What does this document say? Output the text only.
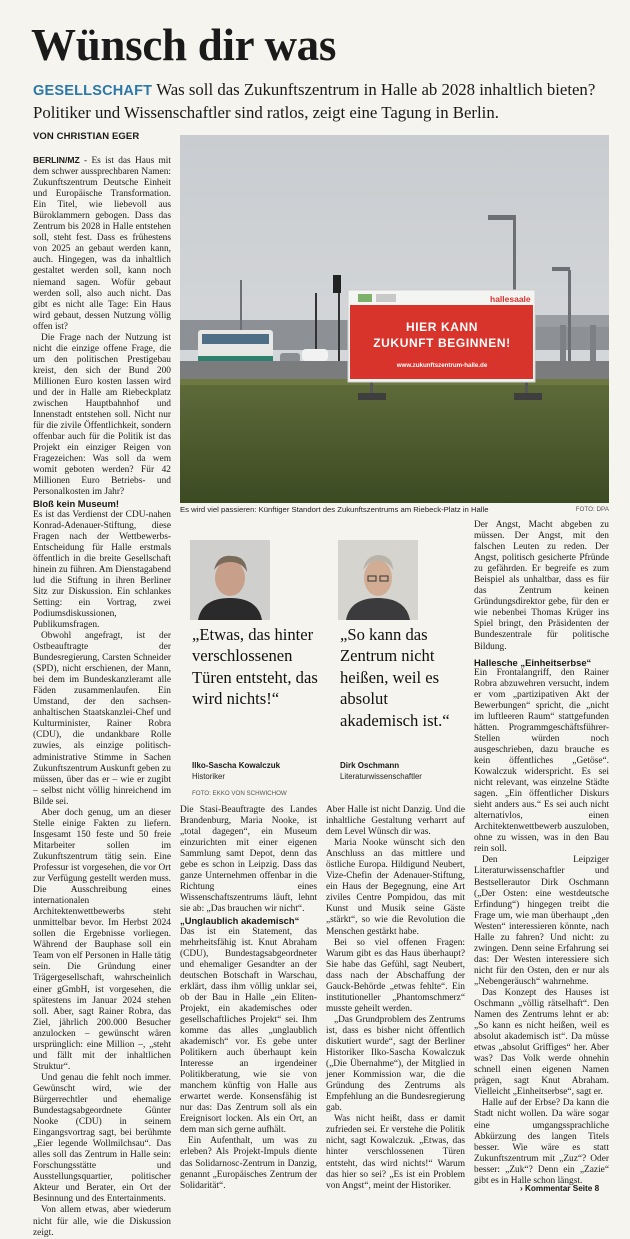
Wünsch dir was
GESELLSCHAFT Was soll das Zukunftszentrum in Halle ab 2028 inhaltlich bieten? Politiker und Wissenschaftler sind ratlos, zeigt eine Tagung in Berlin.
VON CHRISTIAN EGER

BERLIN/MZ - Es ist das Haus mit dem schwer aussprechbaren Namen: Zukunftszentrum Deutsche Einheit und Europäische Transformation. Ein Titel, wie liebevoll aus Büroklammern gebogen. Dass das Zentrum bis 2028 in Halle entstehen soll, steht fest. Dass es frühestens von 2025 an gebaut werden kann, auch. Hingegen, was da inhaltlich gestaltet werden soll, kann noch niemand sagen. Wofür gebaut werden soll, also auch nicht. Das gibt es nicht alle Tage: Ein Haus wird gebaut, dessen Nutzung völlig offen ist?

Die Frage nach der Nutzung ist nicht die einzige offene Frage, die um den politischen Prestigebau kreist, den sich der Bund 200 Millionen Euro kosten lassen wird und der in Halle am Riebeckplatz zwischen Hauptbahnhof und Innenstadt entstehen soll. Nicht nur für die zivile Öffentlichkeit, sondern offenbar auch für die Politik ist das Projekt ein einziger Reigen von Fragezeichen: Was soll da wem womit geboten werden? Für 42 Millionen Euro Betriebs- und Personalkosten im Jahr?

Bloß kein Museum!

Es ist das Verdienst der CDU-nahen Konrad-Adenauer-Stiftung, diese Fragen nach der Wettbewerbs-Entscheidung für Halle erstmals öffentlich in die breite Gesellschaft hinein zu führen. Am Dienstagabend lud die Stiftung in ihren Berliner Sitz zur Diskussion. Ein schlankes Setting: ein Vortrag, zwei Podiumsdiskussionen, Publikumsfragen.

Obwohl angefragt, ist der Ostbeauftragte der Bundesregierung, Carsten Schneider (SPD), nicht erschienen, der Mann, bei dem im Bundeskanzleramt alle Fäden zusammenlaufen. Ein Umstand, der den sachsen-anhaltischen Staatskanzlei-Chef und Kulturminister, Rainer Robra (CDU), die undankbare Rolle zuwies, als einzige politisch-administrative Stimme in Sachen Zukunftszentrum Auskunft geben zu müssen, über das er – wie er zugibt – selbst nicht völlig hinreichend im Bilde sei.

Aber doch genug, um an dieser Stelle einige Fakten zu liefern. Insgesamt 150 feste und 50 freie Mitarbeiter sollen im Zukunftszentrum tätig sein. Eine Professur ist vorgesehen, die vor Ort zur Verfügung gestellt werden muss. Die Ausschreibung eines internationalen Architektenwettbewerbs steht unmittelbar bevor. Im Herbst 2024 sollen die Ergebnisse vorliegen. Während der Bauphase soll ein Team von elf Personen in Halle tätig sein. Die Gründung einer Trägergesellschaft, wahrscheinlich einer gGmbH, ist vorgesehen, die spätestens im Januar 2024 stehen soll. Aber, sagt Rainer Robra, das Ziel, jährlich 200.000 Besucher anzulocken – gewünscht wären ursprünglich: eine Million –, „steht und fällt mit der inhaltlichen Struktur“.

Und genau die fehlt noch immer. Gewünscht wird, wie der Bürgerrechtler und ehemalige Bundestagsabgeordnete Günter Nooke (CDU) in seinem Eingangsvortrag sagt, bei berühmte „Eier legende Wollmilchsau“. Das alles soll das Zentrum in Halle sein: Forschungsstätte und Ausstellungsquartier, politischer Akteur und Berater, ein Ort der Besinnung und des Entertainments.

Von allem etwas, aber wiederum nicht für alle, wie die Diskussion zeigt.

hallesaale
HIER KANN
ZUKUNFT BEGINNEN!
www.zukunftszentrum-halle.de
Es wird viel passieren: Künftiger Standort des Zukunftszentrums am Riebeck-Platz in Halle	FOTO: DPA
„Etwas, das hinter verschlossenen Türen entsteht, das wird nichts!“
Ilko-Sascha Kowalczuk
Historiker
FOTO: EKKO VON SCHWICHOW
„So kann das Zentrum nicht heißen, weil es absolut akademisch ist.“
Dirk Oschmann
Literaturwissenschaftler

Die Stasi-Beauftragte des Landes Brandenburg, Maria Nooke, ist „total dagegen“, ein Museum einzurichten mit einer eigenen Sammlung samt Depot, denn das gebe es schon in Leipzig. Dass das ganze Unternehmen offenbar in die Richtung eines Wissenschaftszentrums läuft, lehnt sie ab: „Das brauchen wir nicht“.

„Unglaublich akademisch“

Das ist ein Statement, das mehrheitsfähig ist. Knut Abraham (CDU), Bundestagsabgeordneter und ehemaliger Gesandter an der deutschen Botschaft in Warschau, erklärt, dass ihm völlig unklar sei, ob der Bau in Halle „ein Eliten-Projekt, ein akademisches oder gesellschaftliches Projekt“ sei. Ihm komme das alles „unglaublich akademisch“ vor. Es gebe unter Politikern auch überhaupt kein Interesse an irgendeiner Politikberatung, wie sie von manchem künftig von Halle aus erwartet werde. Konsensfähig ist nur das: Das Zentrum soll als ein Ereignisort locken. Als ein Ort, an dem man sich gerne aufhält.

Ein Aufenthalt, um was zu erleben? Als Projekt-Impuls diente das Solidarnosc-Zentrum in Danzig, genannt „Europäisches Zentrum der Solidarität“.

Aber Halle ist nicht Danzig. Und die inhaltliche Gestaltung verharrt auf dem Level Wünsch dir was.

Maria Nooke wünscht sich den Anschluss an das mittlere und östliche Europa. Hildigund Neubert, Vize-Chefin der Adenauer-Stiftung, ein Haus der Begegnung, eine Art ziviles Centre Pompidou, das mit Kunst und Musik seine Gäste „stärkt“, so wie die Revolution die Menschen gestärkt habe.

Bei so viel offenen Fragen: Warum gibt es das Haus überhaupt? Sie habe das Gefühl, sagt Neubert, dass nach der Abschaffung der Gauck-Behörde „etwas fehlte“. Ein institutioneller „Phantomschmerz“ musste geheilt werden.

„Das Grundproblem des Zentrums ist, dass es bisher nicht öffentlich diskutiert wurde“, sagt der Berliner Historiker Ilko-Sascha Kowalczuk („Die Übernahme“), der Mitglied in jener Kommission war, die die Gründung des Zentrums als Empfehlung an die Bundesregierung gab.

Was nicht heißt, dass er damit zufrieden sei. Er verstehe die Politik nicht, sagt Kowalczuk. „Etwas, das hinter verschlossenen Türen entsteht, das wird nichts!“ Warum das hier so sei? „Es ist ein Problem von Angst“, meint der Historiker.

Der Angst, Macht abgeben zu müssen. Der Angst, mit den falschen Leuten zu reden. Der Angst, politisch gesicherte Pfründe zu gefährden. Er begreife es zum Beispiel als unhaltbar, dass es für das Zentrum keinen Gründungsdirektor gebe, für den er wie nebenbei Thomas Krüger ins Spiel bringt, den Präsidenten der Bundeszentrale für politische Bildung.

Hallesche „Einheitserbse“

Ein Frontalangriff, den Rainer Robra abzuwehren versucht, indem er vom „partizipativen Akt der Bewerbungen“ spricht, die „nicht im luftleeren Raum“ stattgefunden hätten. Programmgeschäftsführer-Stellen würden noch ausgeschrieben, dazu brauche es kein öffentliches „Getöse“. Kowalczuk widerspricht. Es sei nicht relevant, was einzelne Städte sagen. „Ein öffentlicher Diskurs sieht anders aus.“ Es sei auch nicht alternativlos, einen Architektenwettbewerb auszuloben, ohne zu wissen, was in den Bau rein soll.

Den Leipziger Literaturwissenschaftler und Bestsellerautor Dirk Oschmann („Der Osten: eine westdeutsche Erfindung“) hingegen treibt die Frage um, wie man überhaupt „den Westen“ interessieren könnte, nach Halle zu fahren? Und nicht: zu zwingen. Denn seine Erfahrung sei das: Der Westen interessiere sich nicht für den Osten, den er nur als „Nebengeräusch“ wahrnehme.

Das Konzept des Hauses ist Oschmann „völlig rätselhaft“. Den Namen des Zentrums lehnt er ab: „So kann es nicht heißen, weil es absolut akademisch ist“. Da müsse etwas „absolut Griffiges“ her. Aber was? Das Volk werde ohnehin schnell einen eigenen Namen prägen, sagt Knut Abraham. Vielleicht „Einheitserbse“, sagt er.

Halle auf der Erbse? Da kann die Stadt nicht wollen. Da wäre sogar eine umgangssprachliche Abkürzung des langen Titels besser. Wie wäre es statt Zukunftszentrum mit „Zuz“? Oder besser: „Zuk“? Denn ein „Zazie“ gibt es in Halle schon längst.

› Kommentar Seite 8
